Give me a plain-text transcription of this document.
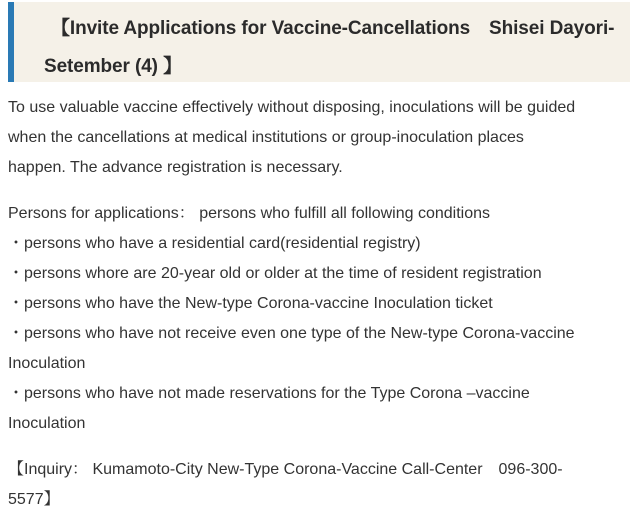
【Invite Applications for Vaccine-Cancellations　Shisei Dayori-
Setember (4) 】
To use valuable vaccine effectively without disposing, inoculations will be guided
when the cancellations at medical institutions or group-inoculation places
happen. The advance registration is necessary.
Persons for applications： persons who fulfill all following conditions
・persons who have a residential card(residential registry)
・persons whore are 20-year old or older at the time of resident registration
・persons who have the New-type Corona-vaccine Inoculation ticket
・persons who have not receive even one type of the New-type Corona-vaccine
Inoculation
・persons who have not made reservations for the Type Corona –vaccine
Inoculation
【Inquiry： Kumamoto-City New-Type Corona-Vaccine Call-Center　096-300-
5577】
